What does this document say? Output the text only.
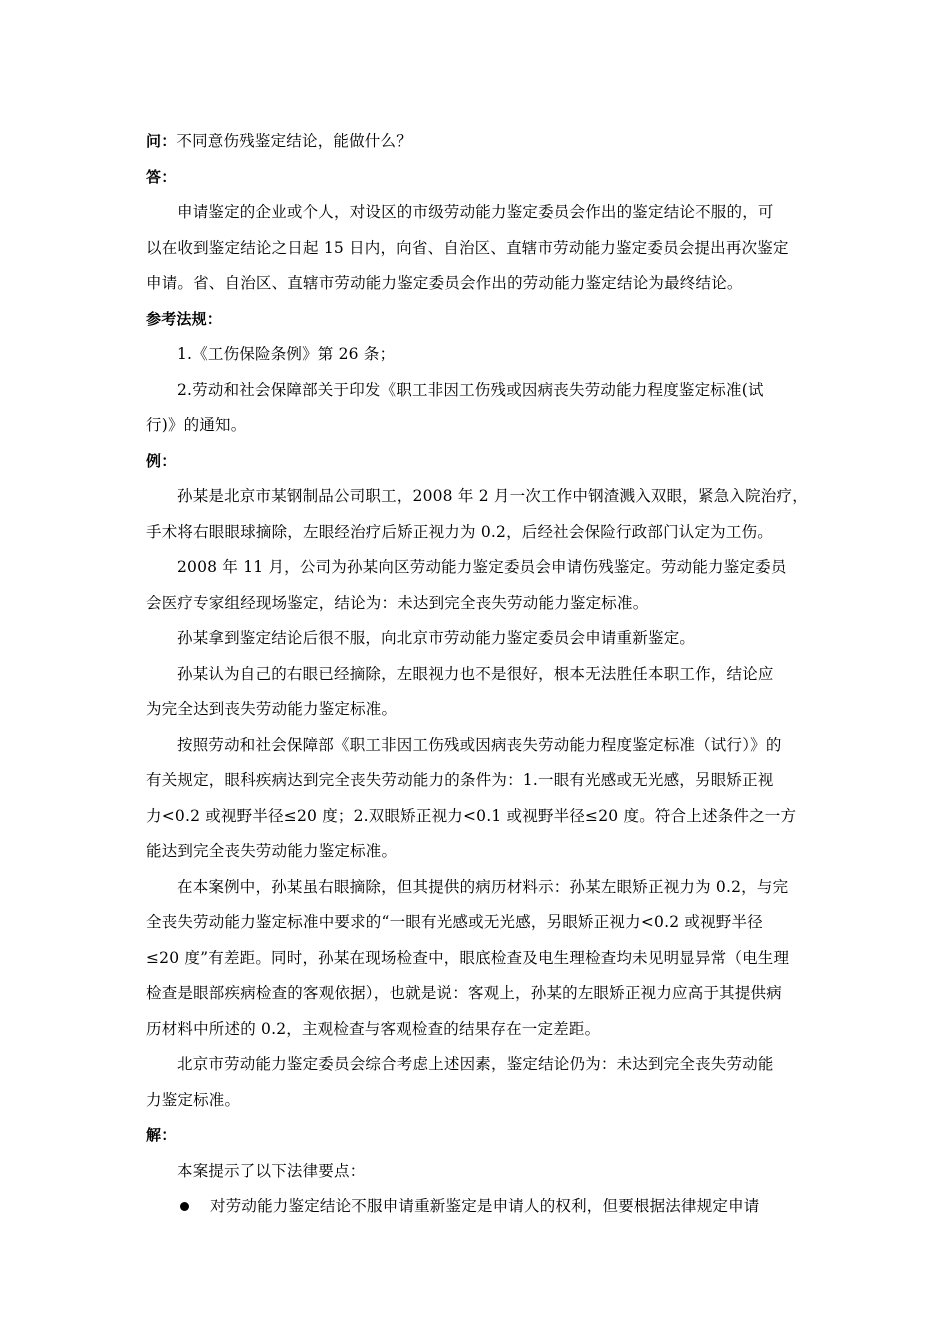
问：不同意伤残鉴定结论，能做什么？
答：
申请鉴定的企业或个人，对设区的市级劳动能力鉴定委员会作出的鉴定结论不服的，可
以在收到鉴定结论之日起 15 日内，向省、自治区、直辖市劳动能力鉴定委员会提出再次鉴定
申请。省、自治区、直辖市劳动能力鉴定委员会作出的劳动能力鉴定结论为最终结论。
参考法规：
1.《工伤保险条例》第 26 条；
2.劳动和社会保障部关于印发《职工非因工伤残或因病丧失劳动能力程度鉴定标准(试
行)》的通知。
例：
孙某是北京市某钢制品公司职工，2008 年 2 月一次工作中钢渣溅入双眼，紧急入院治疗，
手术将右眼眼球摘除，左眼经治疗后矫正视力为 0.2，后经社会保险行政部门认定为工伤。
2008 年 11 月，公司为孙某向区劳动能力鉴定委员会申请伤残鉴定。劳动能力鉴定委员
会医疗专家组经现场鉴定，结论为：未达到完全丧失劳动能力鉴定标准。
孙某拿到鉴定结论后很不服，向北京市劳动能力鉴定委员会申请重新鉴定。
孙某认为自己的右眼已经摘除，左眼视力也不是很好，根本无法胜任本职工作，结论应
为完全达到丧失劳动能力鉴定标准。
按照劳动和社会保障部《职工非因工伤残或因病丧失劳动能力程度鉴定标准（试行）》的
有关规定，眼科疾病达到完全丧失劳动能力的条件为：1.一眼有光感或无光感，另眼矫正视
力<0.2 或视野半径≤20 度；2.双眼矫正视力<0.1 或视野半径≤20 度。符合上述条件之一方
能达到完全丧失劳动能力鉴定标准。
在本案例中，孙某虽右眼摘除，但其提供的病历材料示：孙某左眼矫正视力为 0.2，与完
全丧失劳动能力鉴定标准中要求的“一眼有光感或无光感，另眼矫正视力<0.2 或视野半径
≤20 度”有差距。同时，孙某在现场检查中，眼底检查及电生理检查均未见明显异常（电生理
检查是眼部疾病检查的客观依据），也就是说：客观上，孙某的左眼矫正视力应高于其提供病
历材料中所述的 0.2，主观检查与客观检查的结果存在一定差距。
北京市劳动能力鉴定委员会综合考虑上述因素，鉴定结论仍为：未达到完全丧失劳动能
力鉴定标准。
解：
本案提示了以下法律要点：
对劳动能力鉴定结论不服申请重新鉴定是申请人的权利，但要根据法律规定申请
